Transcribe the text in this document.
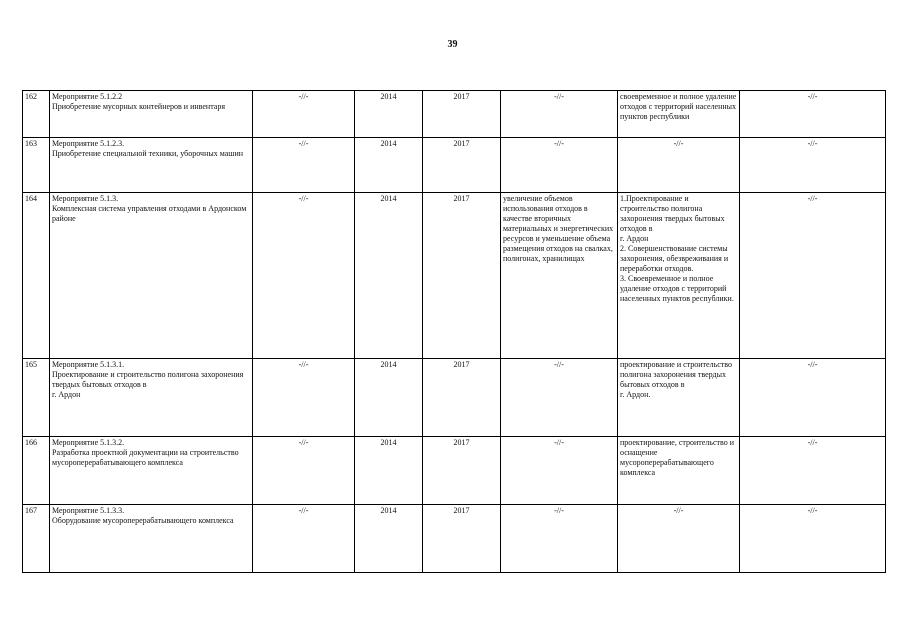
39
162	Мероприятие 5.1.2.2
Приобретение мусорных контейнеров и инвентаря	-//-	2014	2017	-//-	своевременное и полное удаление отходов с территорий населенных пунктов республики	-//-
163	Мероприятие 5.1.2.3.
Приобретение специальной техники, уборочных машин	-//-	2014	2017	-//-	-//-	-//-
164	Мероприятие 5.1.3.
Комплексная система управления отходами в Ардонском районе	-//-	2014	2017	увеличение объемов использования отходов в качестве вторичных материальных и энергетических ресурсов и уменьшение объема размещения отходов на свалках, полигонах, хранилищах	1.Проектирование и строительство полигона захоронения твердых бытовых отходов в
г. Ардон
2. Совершенствование системы захоронения, обезвреживания и переработки отходов.
3. Своевременное и полное удаление отходов с территорий населенных пунктов республики.	-//-
165	Мероприятие 5.1.3.1.
Проектирование и строительство полигона захоронения твердых бытовых отходов в
г. Ардон	-//-	2014	2017	-//-	проектирование и строительство полигона захоронения твердых бытовых отходов в
г. Ардон.	-//-
166	Мероприятие 5.1.3.2.
Разработка проектной документации на строительство мусороперерабатывающего комплекса	-//-	2014	2017	-//-	проектирование, строительство и оснащение мусороперерабатывающего комплекса	-//-
167	Мероприятие 5.1.3.3.
Оборудование мусороперерабатывающего комплекса	-//-	2014	2017	-//-	-//-	-//-
